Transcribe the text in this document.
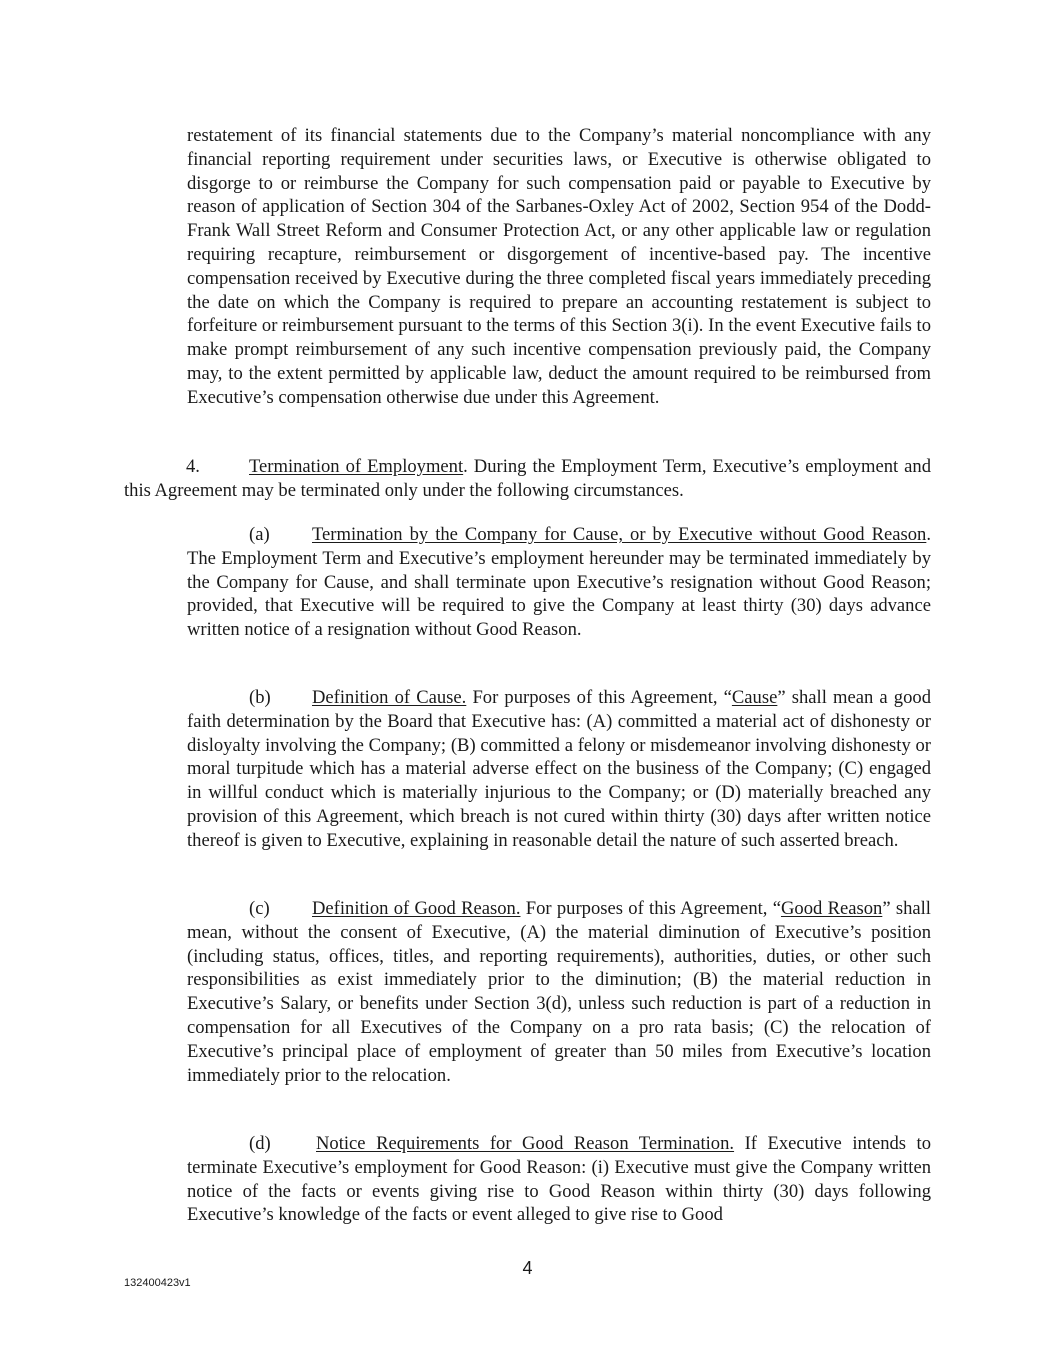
restatement of its financial statements due to the Company’s material noncompliance with any financial reporting requirement under securities laws, or Executive is otherwise obligated to disgorge to or reimburse the Company for such compensation paid or payable to Executive by reason of application of Section 304 of the Sarbanes-Oxley Act of 2002, Section 954 of the Dodd-Frank Wall Street Reform and Consumer Protection Act, or any other applicable law or regulation requiring recapture, reimbursement or disgorgement of incentive-based pay. The incentive compensation received by Executive during the three completed fiscal years immediately preceding the date on which the Company is required to prepare an accounting restatement is subject to forfeiture or reimbursement pursuant to the terms of this Section 3(i). In the event Executive fails to make prompt reimbursement of any such incentive compensation previously paid, the Company may, to the extent permitted by applicable law, deduct the amount required to be reimbursed from Executive’s compensation otherwise due under this Agreement.

4.	Termination of Employment. During the Employment Term, Executive’s employment and this Agreement may be terminated only under the following circumstances.

(a) Termination by the Company for Cause, or by Executive without Good Reason. The Employment Term and Executive’s employment hereunder may be terminated immediately by the Company for Cause, and shall terminate upon Executive’s resignation without Good Reason; provided, that Executive will be required to give the Company at least thirty (30) days advance written notice of a resignation without Good Reason.

(b) Definition of Cause. For purposes of this Agreement, “Cause” shall mean a good faith determination by the Board that Executive has: (A) committed a material act of dishonesty or disloyalty involving the Company; (B) committed a felony or misdemeanor involving dishonesty or moral turpitude which has a material adverse effect on the business of the Company; (C) engaged in willful conduct which is materially injurious to the Company; or (D) materially breached any provision of this Agreement, which breach is not cured within thirty (30) days after written notice thereof is given to Executive, explaining in reasonable detail the nature of such asserted breach.

(c) Definition of Good Reason. For purposes of this Agreement, “Good Reason” shall mean, without the consent of Executive, (A) the material diminution of Executive’s position (including status, offices, titles, and reporting requirements), authorities, duties, or other such responsibilities as exist immediately prior to the diminution; (B) the material reduction in Executive’s Salary, or benefits under Section 3(d), unless such reduction is part of a reduction in compensation for all Executives of the Company on a pro rata basis; (C) the relocation of Executive’s principal place of employment of greater than 50 miles from Executive’s location immediately prior to the relocation.

(d) Notice Requirements for Good Reason Termination. If Executive intends to terminate Executive’s employment for Good Reason: (i) Executive must give the Company written notice of the facts or events giving rise to Good Reason within thirty (30) days following Executive’s knowledge of the facts or event alleged to give rise to Good

4
132400423v1
